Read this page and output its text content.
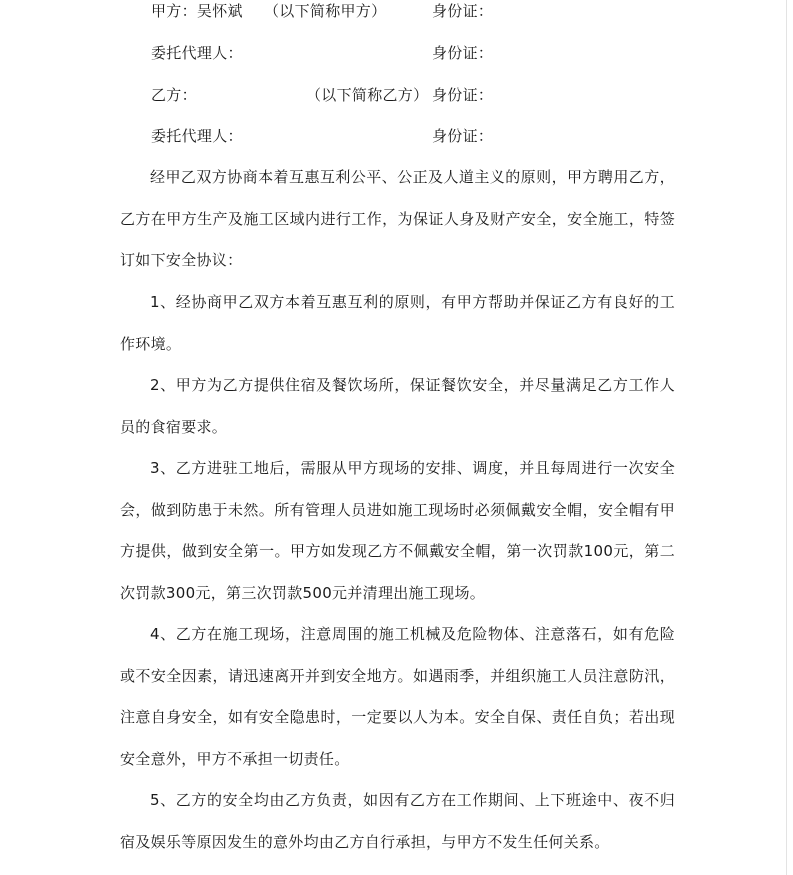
甲方：吴怀斌 （以下简称甲方）	身份证：
委托代理人：	身份证：
乙方：	（以下简称乙方） 身份证：
委托代理人：	身份证：

经甲乙双方协商本着互惠互利公平、公正及人道主义的原则，甲方聘用乙方，乙方在甲方生产及施工区域内进行工作，为保证人身及财产安全，安全施工，特签订如下安全协议：

1、经协商甲乙双方本着互惠互利的原则，有甲方帮助并保证乙方有良好的工作环境。

2、甲方为乙方提供住宿及餐饮场所，保证餐饮安全，并尽量满足乙方工作人员的食宿要求。

3、乙方进驻工地后，需服从甲方现场的安排、调度，并且每周进行一次安全会，做到防患于未然。所有管理人员进如施工现场时必须佩戴安全帽，安全帽有甲方提供，做到安全第一。甲方如发现乙方不佩戴安全帽，第一次罚款100元，第二次罚款300元，第三次罚款500元并清理出施工现场。

4、乙方在施工现场，注意周围的施工机械及危险物体、注意落石，如有危险或不安全因素，请迅速离开并到安全地方。如遇雨季，并组织施工人员注意防汛，注意自身安全，如有安全隐患时，一定要以人为本。安全自保、责任自负；若出现安全意外，甲方不承担一切责任。

5、乙方的安全均由乙方负责，如因有乙方在工作期间、上下班途中、夜不归宿及娱乐等原因发生的意外均由乙方自行承担，与甲方不发生任何关系。
